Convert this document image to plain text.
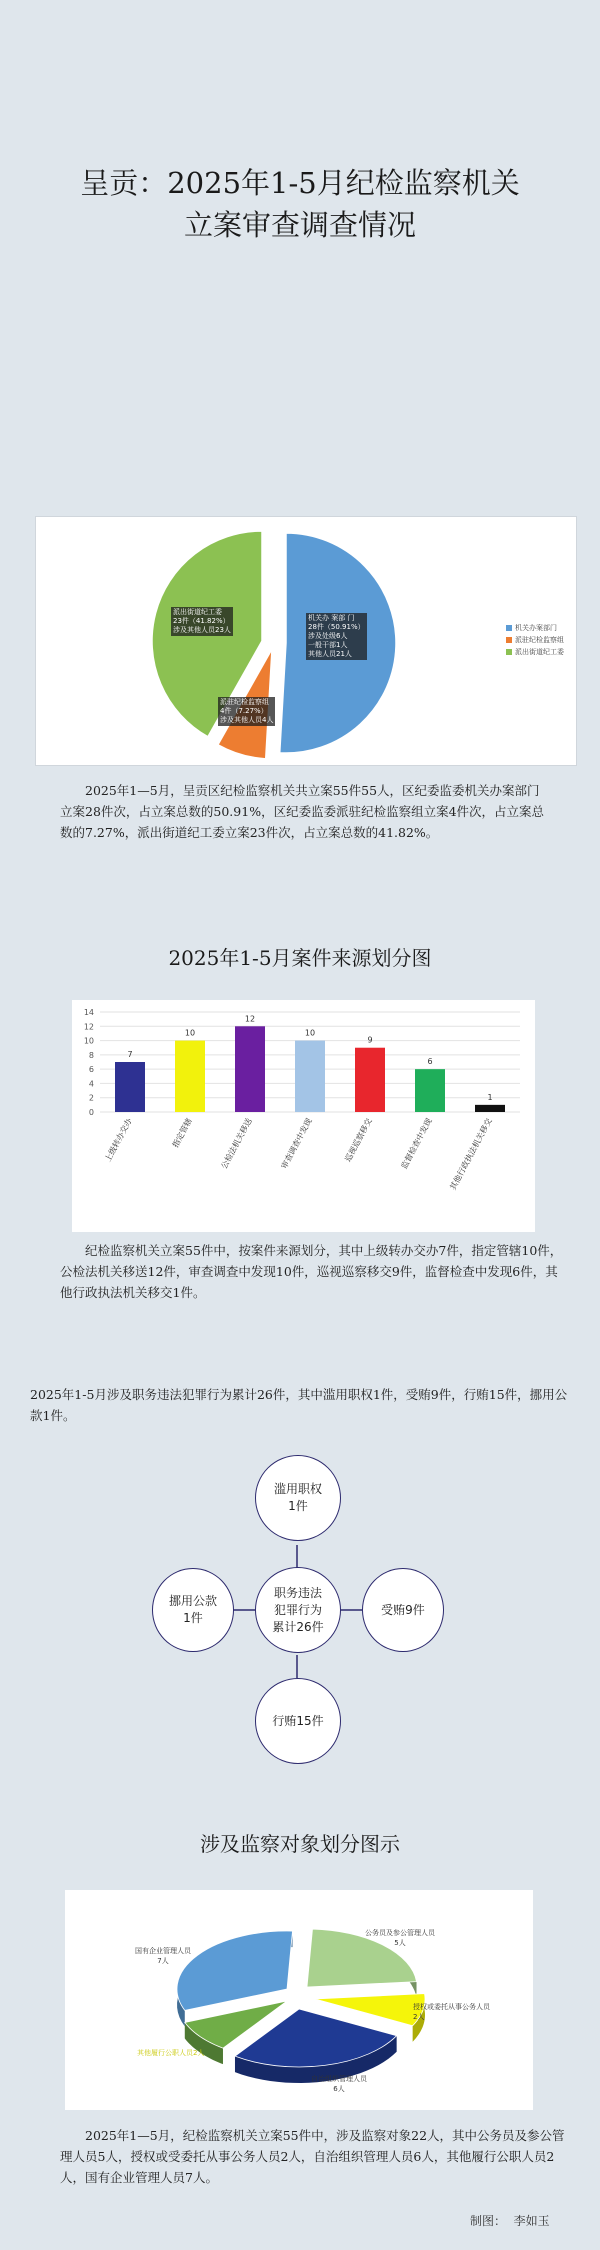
呈贡：2025年1-5月纪检监察机关
立案审查调查情况
机关办案部门
派驻纪检监察组
派出街道纪工委
机关办 案部 门
28件（50.91%）
涉及处级6人
一般干部1人
其他人员21人
派驻纪检监察组
4件（7.27%）
涉及其他人员4人
派出街道纪工委
23件（41.82%）
涉及其他人员23人

2025年1—5月，呈贡区纪检监察机关共立案55件55人，区纪委监委机关办案部门立案28件次，占立案总数的50.91%，区纪委监委派驻纪检监察组立案4件次，占立案总数的7.27%，派出街道纪工委立案23件次，占立案总数的41.82%。

2025年1-5月案件来源划分图
0
2
4
6
8
10
12
14
7
上级转办交办
10
指定管辖
12
公检法机关移送
10
审查调查中发现
9
巡视巡察移交
6
监督检查中发现
1
其他行政执法机关移交

纪检监察机关立案55件中，按案件来源划分，其中上级转办交办7件，指定管辖10件，公检法机关移送12件，审查调查中发现10件，巡视巡察移交9件，监督检查中发现6件，其他行政执法机关移交1件。

2025年1-5月涉及职务违法犯罪行为累计26件，其中滥用职权1件，受贿9件，行贿15件，挪用公款1件。

滥用职权
1件
职务违法
犯罪行为
累计26件
受贿9件
挪用公款
1件
行贿15件
涉及监察对象划分图示
国有企业管理人员
7人
公务员及参公管理人员
5人
授权或委托从事公务人员
2人
自治组织管理人员
6人
其他履行公职人员2人

2025年1—5月，纪检监察机关立案55件中，涉及监察对象22人，其中公务员及参公管理人员5人，授权或受委托从事公务人员2人，自治组织管理人员6人，其他履行公职人员2人，国有企业管理人员7人。

制图： 李如玉
